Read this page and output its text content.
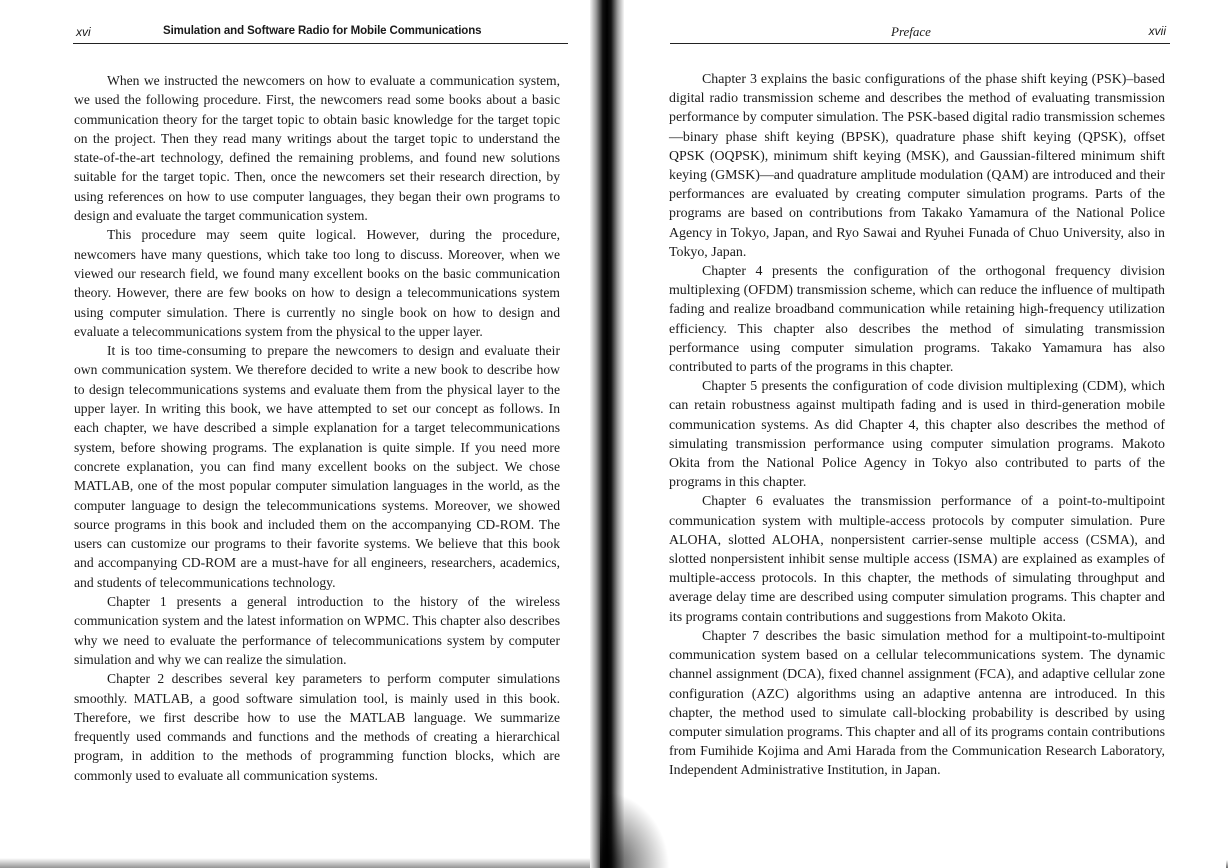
xvi	Simulation and Software Radio for Mobile Communications

When we instructed the newcomers on how to evaluate a communication system, we used the following procedure. First, the newcomers read some books about a basic communication theory for the target topic to obtain basic knowledge for the target topic on the project. Then they read many writings about the target topic to understand the state-of-the-art technology, defined the remaining problems, and found new solutions suitable for the target topic. Then, once the newcomers set their research direction, by using references on how to use computer languages, they began their own programs to design and evaluate the target communication system.

This procedure may seem quite logical. However, during the procedure, newcomers have many questions, which take too long to discuss. Moreover, when we viewed our research field, we found many excellent books on the basic communication theory. However, there are few books on how to design a telecommunications system using computer simulation. There is currently no single book on how to design and evaluate a telecommunications system from the physical to the upper layer.

It is too time-consuming to prepare the newcomers to design and evaluate their own communication system. We therefore decided to write a new book to describe how to design telecommunications systems and evaluate them from the physical layer to the upper layer. In writing this book, we have attempted to set our concept as follows. In each chapter, we have described a simple explanation for a target telecommunications system, before showing programs. The explanation is quite simple. If you need more concrete explanation, you can find many excellent books on the subject. We chose MATLAB, one of the most popular computer simulation languages in the world, as the computer language to design the telecommunications systems. Moreover, we showed source programs in this book and included them on the accompanying CD-ROM. The users can customize our programs to their favorite systems. We believe that this book and accompanying CD-ROM are a must-have for all engineers, researchers, academics, and students of telecommunications technology.

Chapter 1 presents a general introduction to the history of the wireless communication system and the latest information on WPMC. This chapter also describes why we need to evaluate the performance of telecommunications system by computer simulation and why we can realize the simulation.

Chapter 2 describes several key parameters to perform computer simulations smoothly. MATLAB, a good software simulation tool, is mainly used in this book. Therefore, we first describe how to use the MATLAB language. We summarize frequently used commands and functions and the methods of creating a hierarchical program, in addition to the methods of programming function blocks, which are commonly used to evaluate all communication systems.

Preface	xvii

Chapter 3 explains the basic configurations of the phase shift keying (PSK)–based digital radio transmission scheme and describes the method of evaluating transmission performance by computer simulation. The PSK-based digital radio transmission schemes—binary phase shift keying (BPSK), quadrature phase shift keying (QPSK), offset QPSK (OQPSK), minimum shift keying (MSK), and Gaussian-filtered minimum shift keying (GMSK)—and quadrature amplitude modulation (QAM) are introduced and their performances are evaluated by creating computer simulation programs. Parts of the programs are based on contributions from Takako Yamamura of the National Police Agency in Tokyo, Japan, and Ryo Sawai and Ryuhei Funada of Chuo University, also in Tokyo, Japan.

Chapter 4 presents the configuration of the orthogonal frequency division multiplexing (OFDM) transmission scheme, which can reduce the influence of multipath fading and realize broadband communication while retaining high-frequency utilization efficiency. This chapter also describes the method of simulating transmission performance using computer simulation programs. Takako Yamamura has also contributed to parts of the programs in this chapter.

Chapter 5 presents the configuration of code division multiplexing (CDM), which can retain robustness against multipath fading and is used in third-generation mobile communication systems. As did Chapter 4, this chapter also describes the method of simulating transmission performance using computer simulation programs. Makoto Okita from the National Police Agency in Tokyo also contributed to parts of the programs in this chapter.

Chapter 6 evaluates the transmission performance of a point-to-multipoint communication system with multiple-access protocols by computer simulation. Pure ALOHA, slotted ALOHA, nonpersistent carrier-sense multiple access (CSMA), and slotted nonpersistent inhibit sense multiple access (ISMA) are explained as examples of multiple-access protocols. In this chapter, the methods of simulating throughput and average delay time are described using computer simulation programs. This chapter and its programs contain contributions and suggestions from Makoto Okita.

Chapter 7 describes the basic simulation method for a multipoint-to-multipoint communication system based on a cellular telecommunications system. The dynamic channel assignment (DCA), fixed channel assignment (FCA), and adaptive cellular zone configuration (AZC) algorithms using an adaptive antenna are introduced. In this chapter, the method used to simulate call-blocking probability is described by using computer simulation programs. This chapter and all of its programs contain contributions from Fumihide Kojima and Ami Harada from the Communication Research Laboratory, Independent Administrative Institution, in Japan.
